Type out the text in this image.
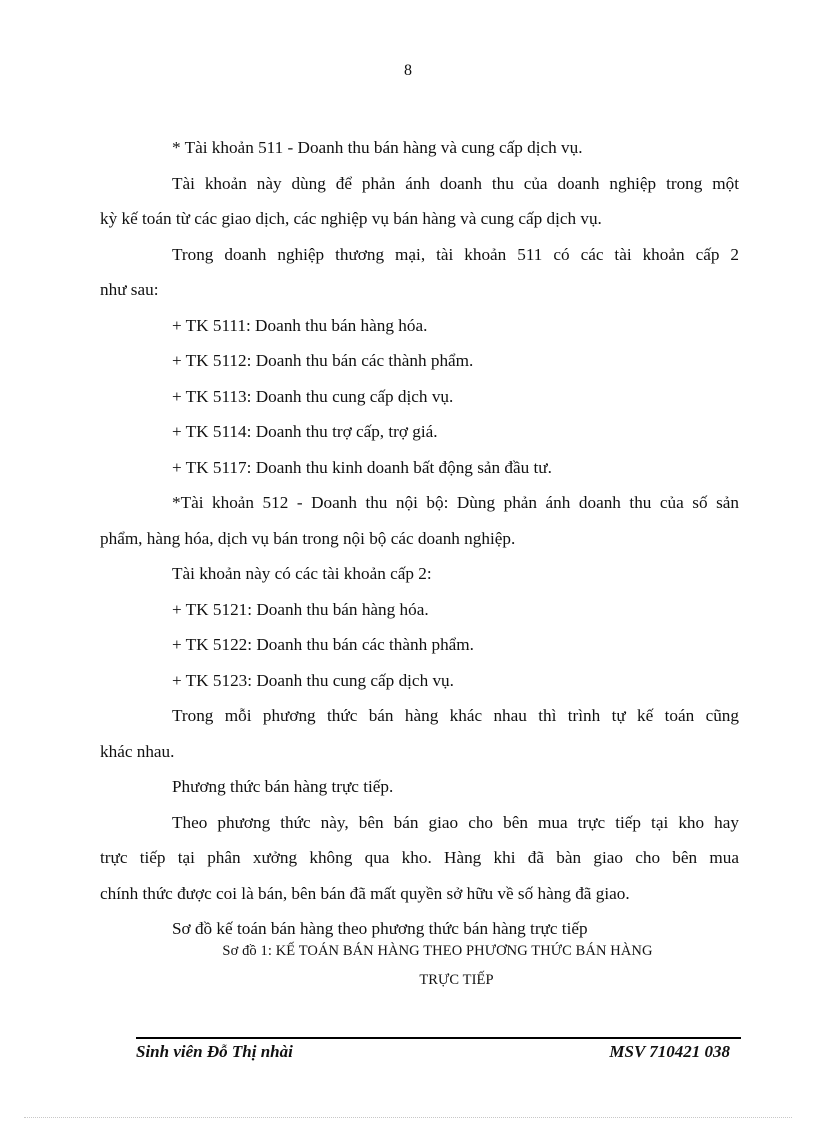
8

* Tài khoản 511 - Doanh thu bán hàng và cung cấp dịch vụ.

Tài khoản này dùng để phản ánh doanh thu của doanh nghiệp trong một
kỳ kế toán từ các giao dịch, các nghiệp vụ bán hàng và cung cấp dịch vụ.

Trong doanh nghiệp thương mại, tài khoản 511 có các tài khoản cấp 2
như sau:

+ TK 5111: Doanh thu bán hàng hóa.

+ TK 5112: Doanh thu bán các thành phẩm.

+ TK 5113: Doanh thu cung cấp dịch vụ.

+ TK 5114: Doanh thu trợ cấp, trợ giá.

+ TK 5117: Doanh thu kinh doanh bất động sản đầu tư.

*Tài khoản 512 - Doanh thu nội bộ: Dùng phản ánh doanh thu của số sản
phẩm, hàng hóa, dịch vụ bán trong nội bộ các doanh nghiệp.

Tài khoản này có các tài khoản cấp 2:

+ TK 5121: Doanh thu bán hàng hóa.

+ TK 5122: Doanh thu bán các thành phẩm.

+ TK 5123: Doanh thu cung cấp dịch vụ.

Trong mỗi phương thức bán hàng khác nhau thì trình tự kế toán cũng
khác nhau.

Phương thức bán hàng trực tiếp.

Theo phương thức này, bên bán giao cho bên mua trực tiếp tại kho hay
trực tiếp tại phân xưởng không qua kho. Hàng khi đã bàn giao cho bên mua
chính thức được coi là bán, bên bán đã mất quyền sở hữu về số hàng đã giao.

Sơ đồ kế toán bán hàng theo phương thức bán hàng trực tiếp

Sơ đồ 1: KẾ TOÁN BÁN HÀNG THEO PHƯƠNG THỨC BÁN HÀNG
TRỰC TIẾP
Sinh viên Đỗ Thị nhài	MSV 710421 038
